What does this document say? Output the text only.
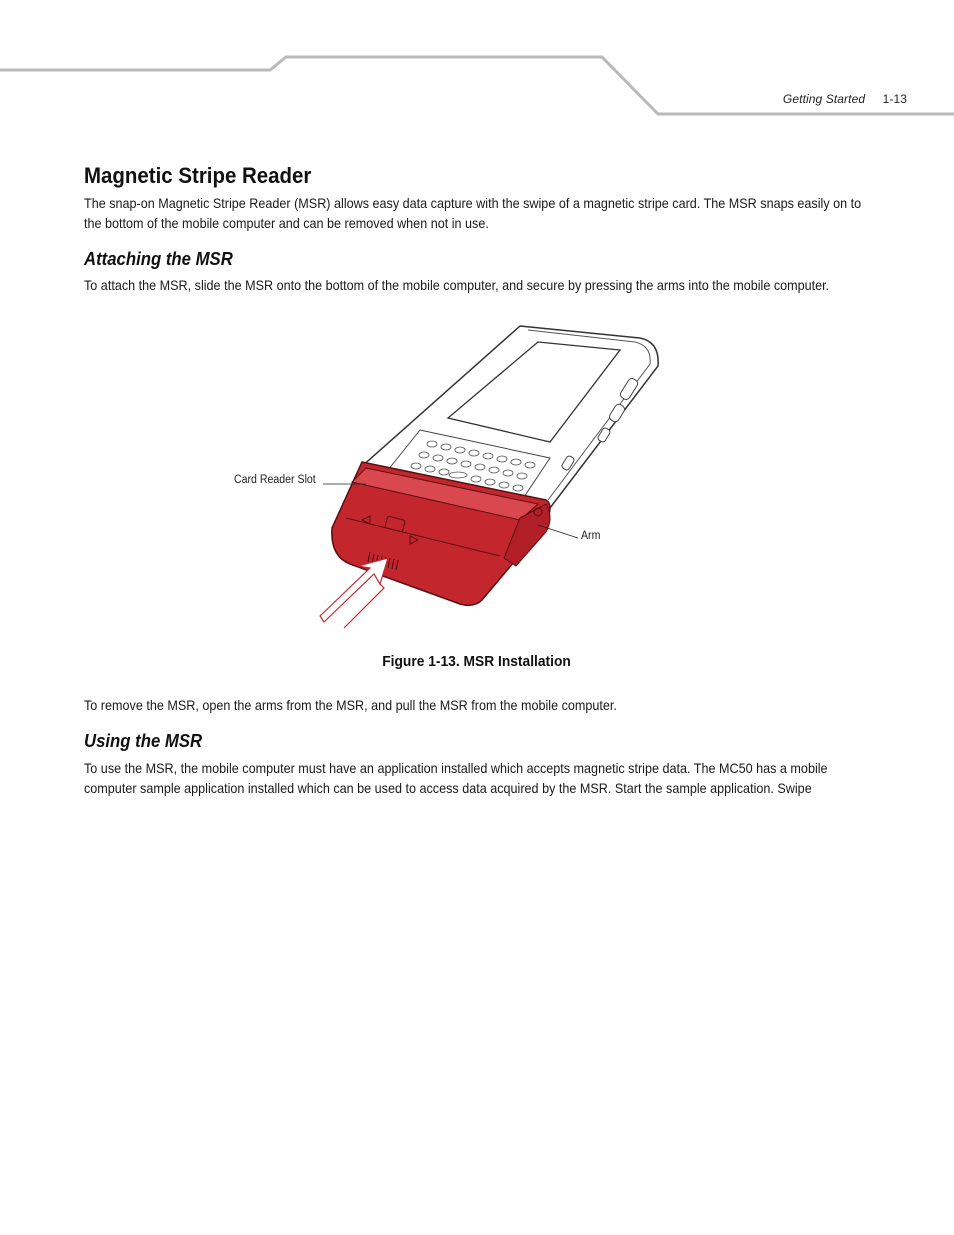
Getting Started 1-13
Magnetic Stripe Reader

The snap-on Magnetic Stripe Reader (MSR) allows easy data capture with the swipe of a magnetic stripe card. The MSR snaps easily on to the bottom of the mobile computer and can be removed when not in use.

Attaching the MSR

To attach the MSR, slide the MSR onto the bottom of the mobile computer, and secure by pressing the arms into the mobile computer.

Card Reader Slot
Arm
Figure 1-13. MSR Installation

To remove the MSR, open the arms from the MSR, and pull the MSR from the mobile computer.

Using the MSR

To use the MSR, the mobile computer must have an application installed which accepts magnetic stripe data. The MC50 has a mobile computer sample application installed which can be used to access data acquired by the MSR. Start the sample application. Swipe
